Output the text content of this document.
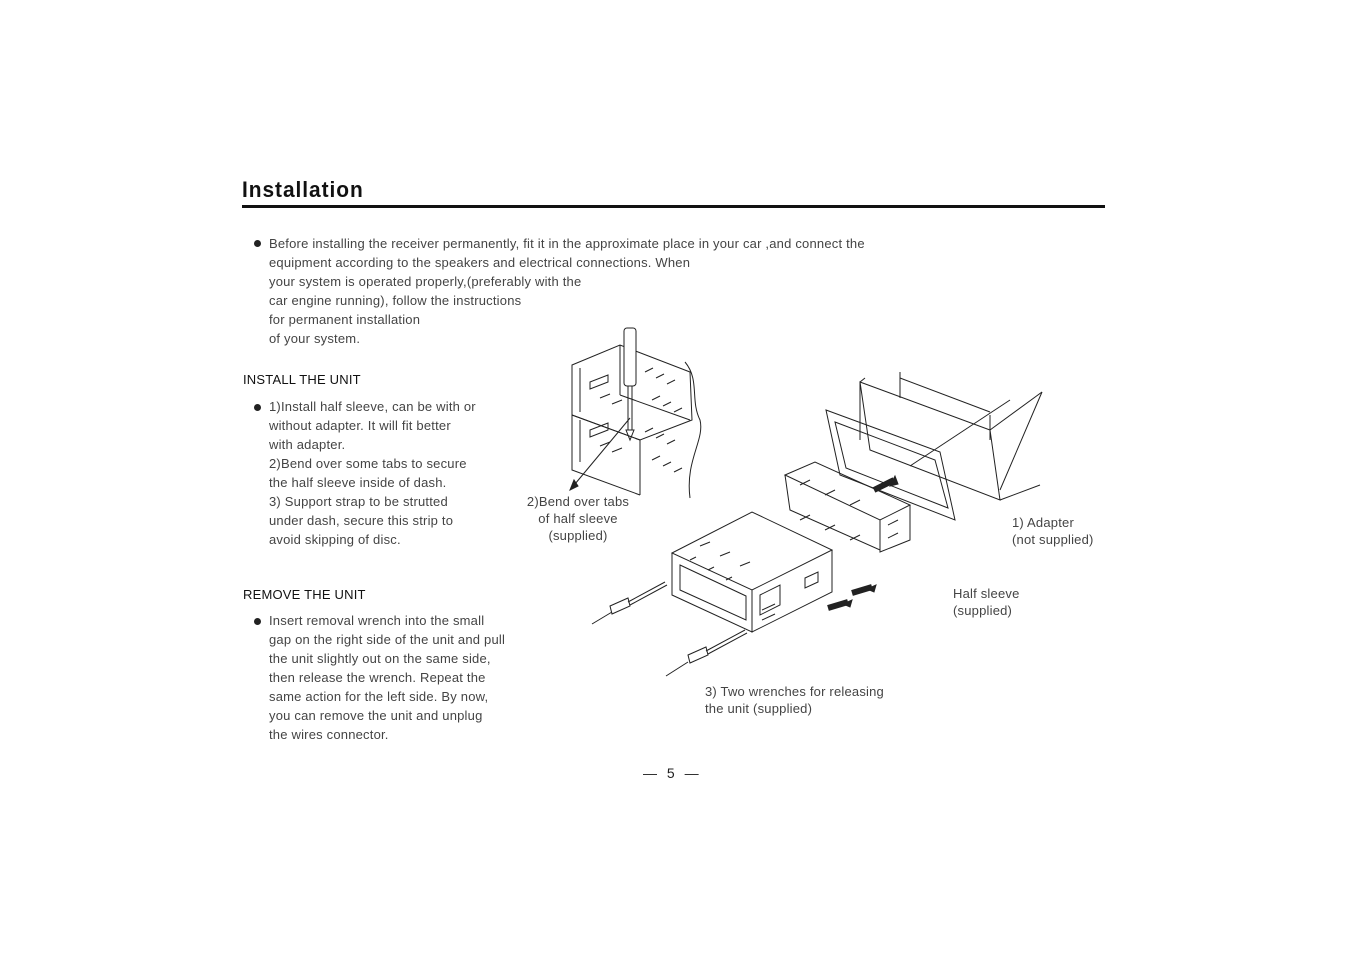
Installation
Before installing the receiver permanently, fit it in the approximate place in your car ,and connect the
equipment according to the speakers and electrical connections. When
your system is operated properly,(preferably with the
car engine running), follow the instructions
for permanent installation
of your system.
INSTALL THE UNIT
1)Install half sleeve, can be with or
without adapter. It will fit better
with adapter.
2)Bend over some tabs to secure
the half sleeve inside of dash.
3) Support strap to be strutted
under dash, secure this strip to
avoid skipping of disc.
REMOVE THE UNIT
Insert removal wrench into the small
gap on the right side of the unit and pull
the unit slightly out on the same side,
then release the wrench. Repeat the
same action for the left side. By now,
you can remove the unit and unplug
the wires connector.
2)Bend over tabs
of half sleeve
(supplied)
1) Adapter
(not supplied)
Half sleeve
(supplied)
3) Two wrenches for releasing
the unit (supplied)
— 5 —
